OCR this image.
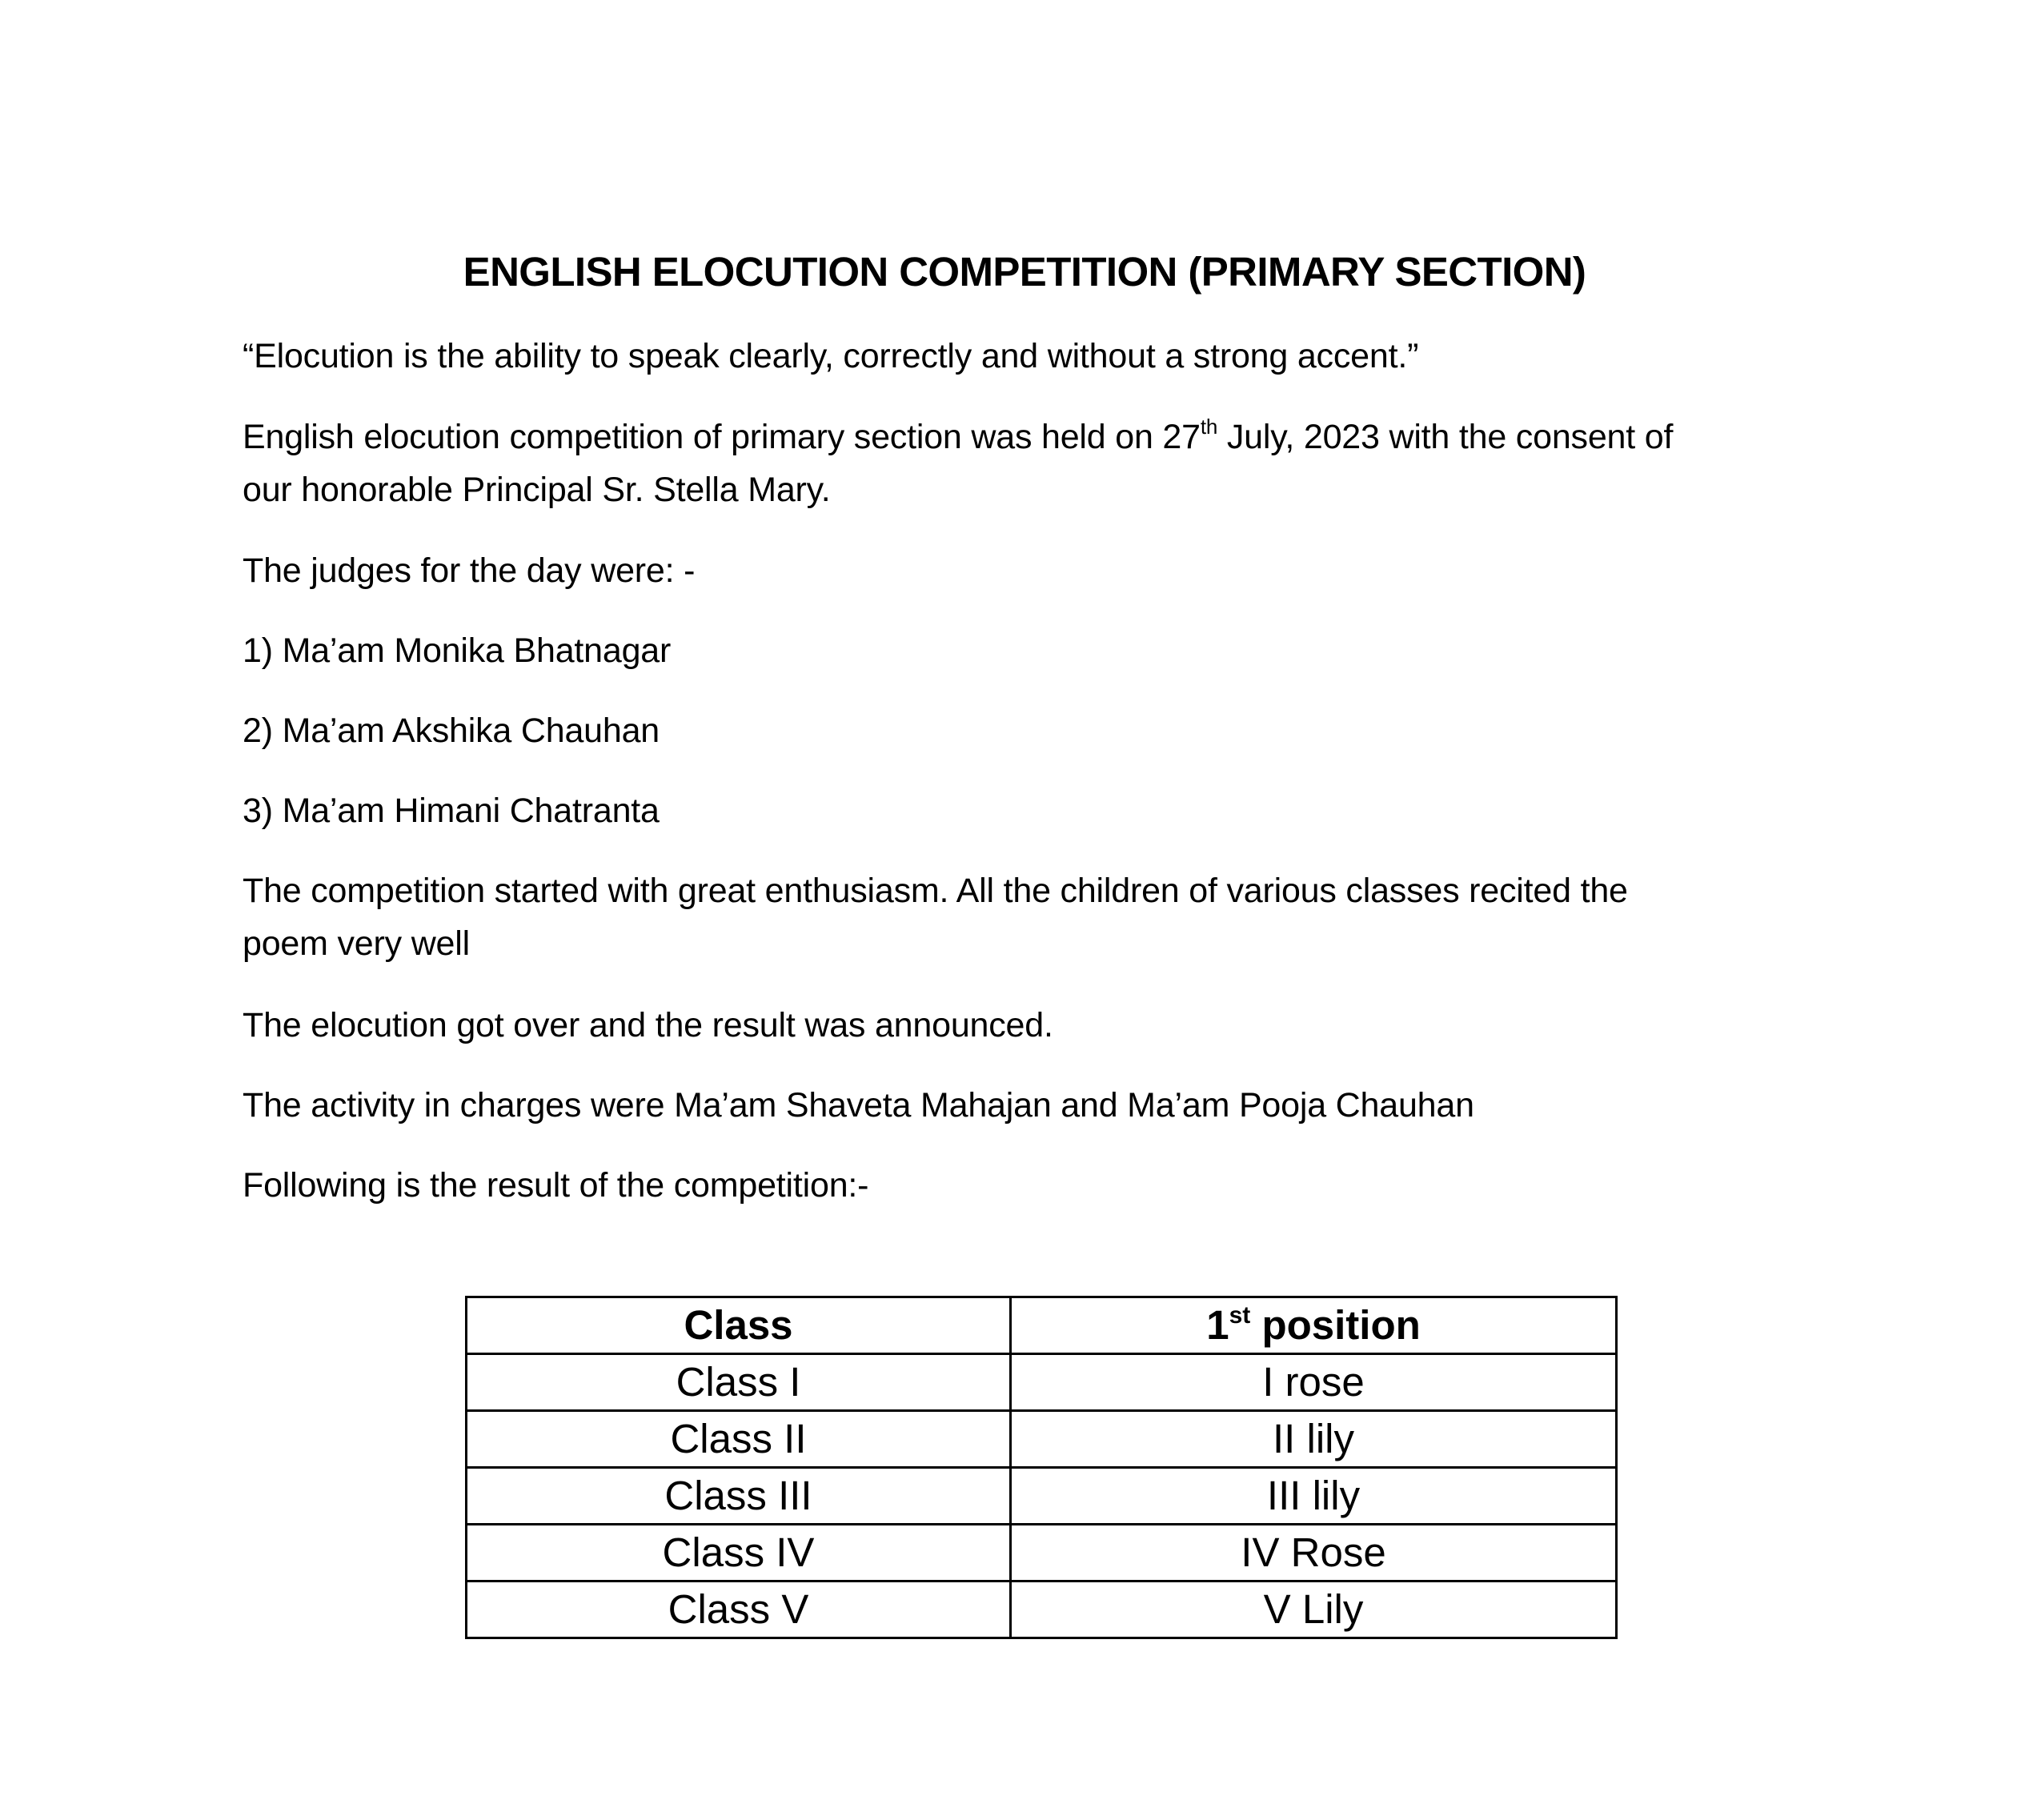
ENGLISH ELOCUTION COMPETITION (PRIMARY SECTION)

“Elocution is the ability to speak clearly, correctly and without a strong accent.”

English elocution competition of primary section was held on 27th July, 2023 with the consent of
our honorable Principal Sr. Stella Mary.

The judges for the day were: -

1) Ma’am Monika Bhatnagar

2) Ma’am Akshika Chauhan

3) Ma’am Himani Chatranta

The competition started with great enthusiasm. All the children of various classes recited the
poem very well

The elocution got over and the result was announced.

The activity in charges were Ma’am Shaveta Mahajan and Ma’am Pooja Chauhan

Following is the result of the competition:-

Class	1st position
Class I	I rose
Class II	II lily
Class III	III lily
Class IV	IV Rose
Class V	V Lily
